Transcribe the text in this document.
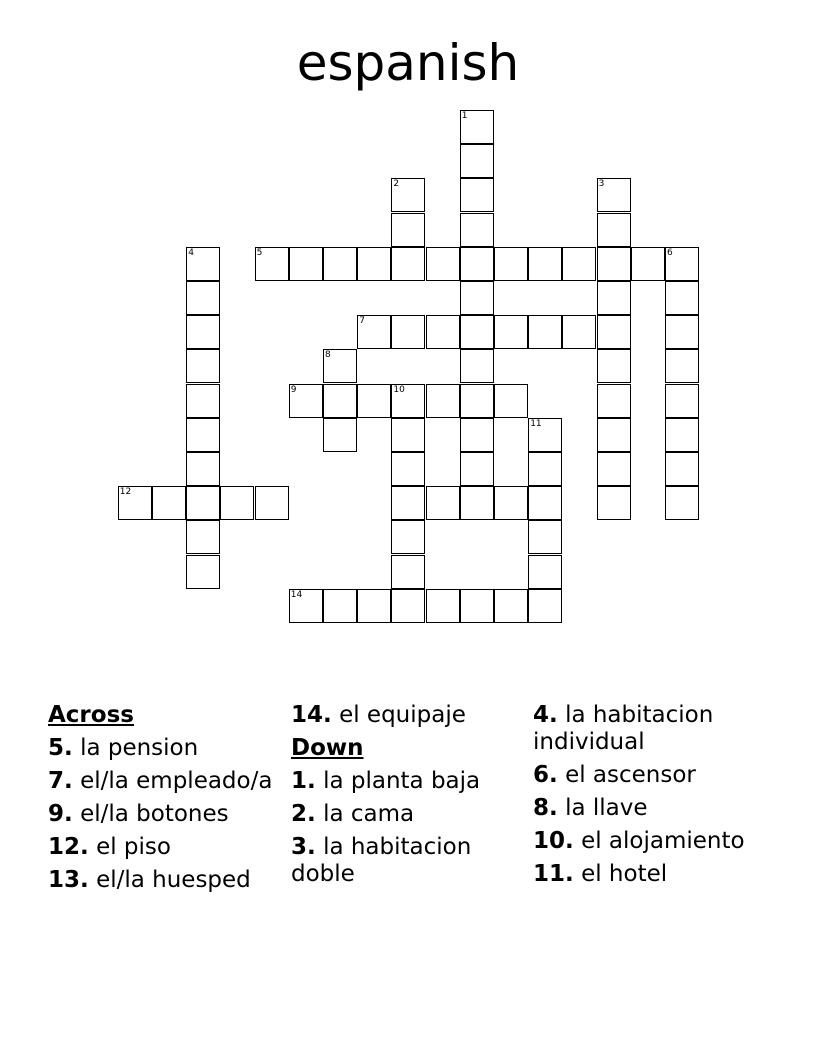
espanish
1
2	3
4	5	6
7
8
9	10
11
12
14
Across
5. la pension
7. el/la empleado/a
9. el/la botones
12. el piso
13. el/la huesped
14. el equipaje
Down
1. la planta baja
2. la cama
3. la habitacion doble
4. la habitacion individual
6. el ascensor
8. la llave
10. el alojamiento
11. el hotel
